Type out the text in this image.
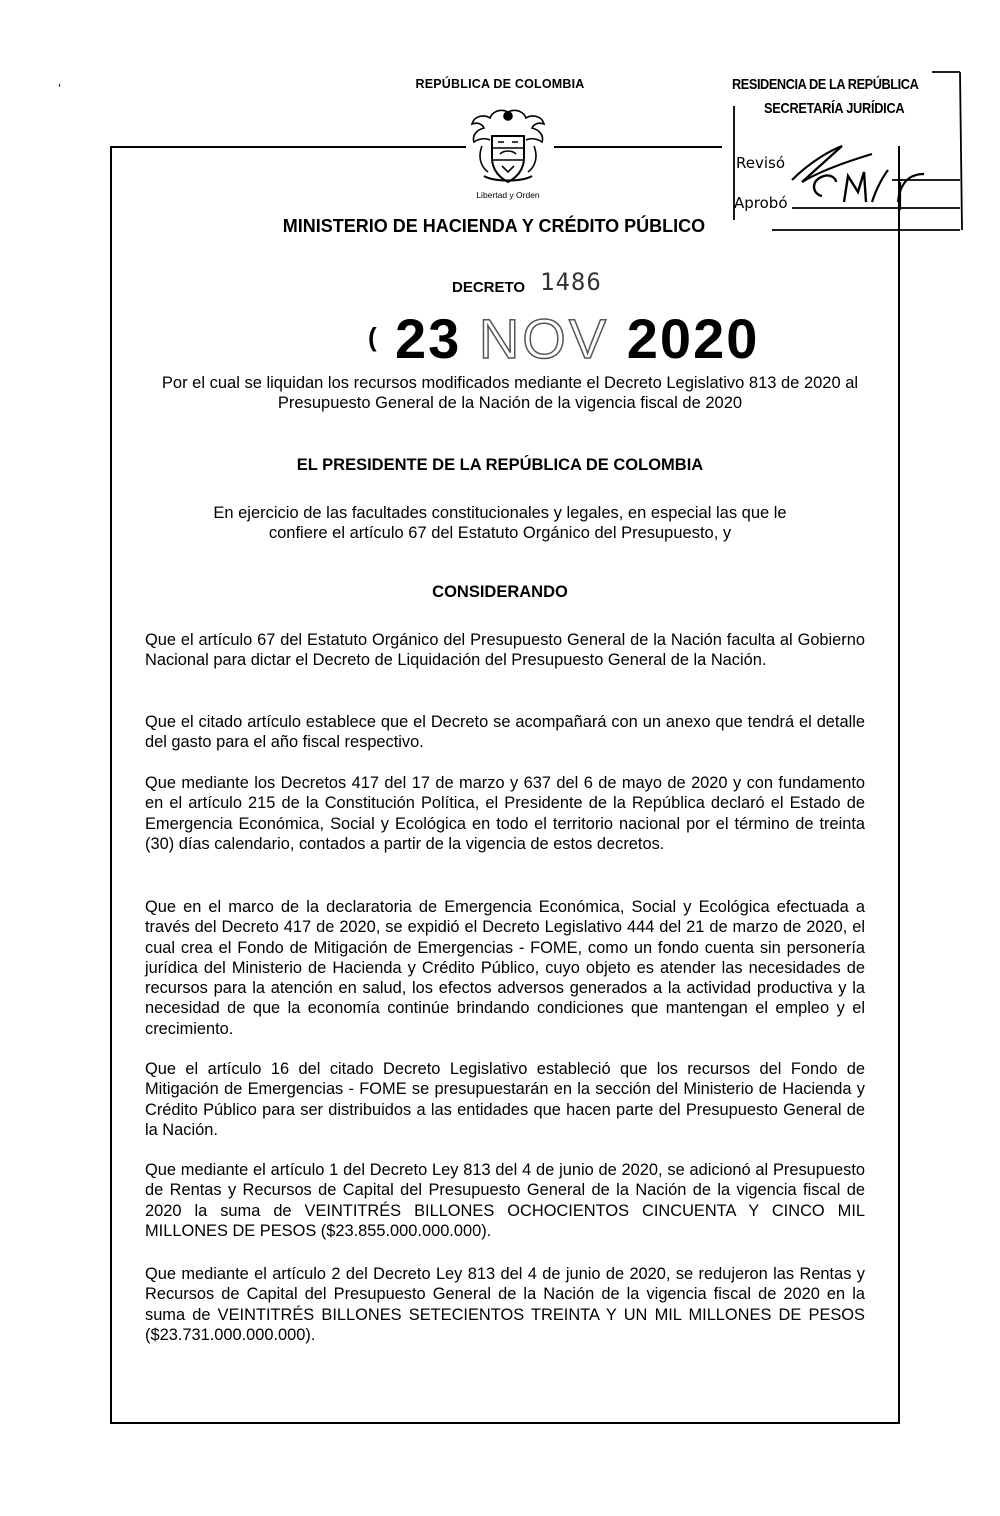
‘	REPÚBLICA DE COLOMBIA
Libertad y Orden
RESIDENCIA DE LA REPÚBLICA
SECRETARÍA JURÍDICA
Revisó
Aprobó
MINISTERIO DE HACIENDA Y CRÉDITO PÚBLICO
DECRETO 1486
( 23 NOV 2020
Por el cual se liquidan los recursos modificados mediante el Decreto Legislativo 813 de 2020 al Presupuesto General de la Nación de la vigencia fiscal de 2020
EL PRESIDENTE DE LA REPÚBLICA DE COLOMBIA
En ejercicio de las facultades constitucionales y legales, en especial las que le confiere el artículo 67 del Estatuto Orgánico del Presupuesto, y
CONSIDERANDO
Que el artículo 67 del Estatuto Orgánico del Presupuesto General de la Nación faculta al Gobierno Nacional para dictar el Decreto de Liquidación del Presupuesto General de la Nación.
Que el citado artículo establece que el Decreto se acompañará con un anexo que tendrá el detalle del gasto para el año fiscal respectivo.
Que mediante los Decretos 417 del 17 de marzo y 637 del 6 de mayo de 2020 y con fundamento en el artículo 215 de la Constitución Política, el Presidente de la República declaró el Estado de Emergencia Económica, Social y Ecológica en todo el territorio nacional por el término de treinta (30) días calendario, contados a partir de la vigencia de estos decretos.
Que en el marco de la declaratoria de Emergencia Económica, Social y Ecológica efectuada a través del Decreto 417 de 2020, se expidió el Decreto Legislativo 444 del 21 de marzo de 2020, el cual crea el Fondo de Mitigación de Emergencias - FOME, como un fondo cuenta sin personería jurídica del Ministerio de Hacienda y Crédito Público, cuyo objeto es atender las necesidades de recursos para la atención en salud, los efectos adversos generados a la actividad productiva y la necesidad de que la economía continúe brindando condiciones que mantengan el empleo y el crecimiento.
Que el artículo 16 del citado Decreto Legislativo estableció que los recursos del Fondo de Mitigación de Emergencias - FOME se presupuestarán en la sección del Ministerio de Hacienda y Crédito Público para ser distribuidos a las entidades que hacen parte del Presupuesto General de la Nación.
Que mediante el artículo 1 del Decreto Ley 813 del 4 de junio de 2020, se adicionó al Presupuesto de Rentas y Recursos de Capital del Presupuesto General de la Nación de la vigencia fiscal de 2020 la suma de VEINTITRÉS BILLONES OCHOCIENTOS CINCUENTA Y CINCO MIL MILLONES DE PESOS ($23.855.000.000.000).
Que mediante el artículo 2 del Decreto Ley 813 del 4 de junio de 2020, se redujeron las Rentas y Recursos de Capital del Presupuesto General de la Nación de la vigencia fiscal de 2020 en la suma de VEINTITRÉS BILLONES SETECIENTOS TREINTA Y UN MIL MILLONES DE PESOS ($23.731.000.000.000).
